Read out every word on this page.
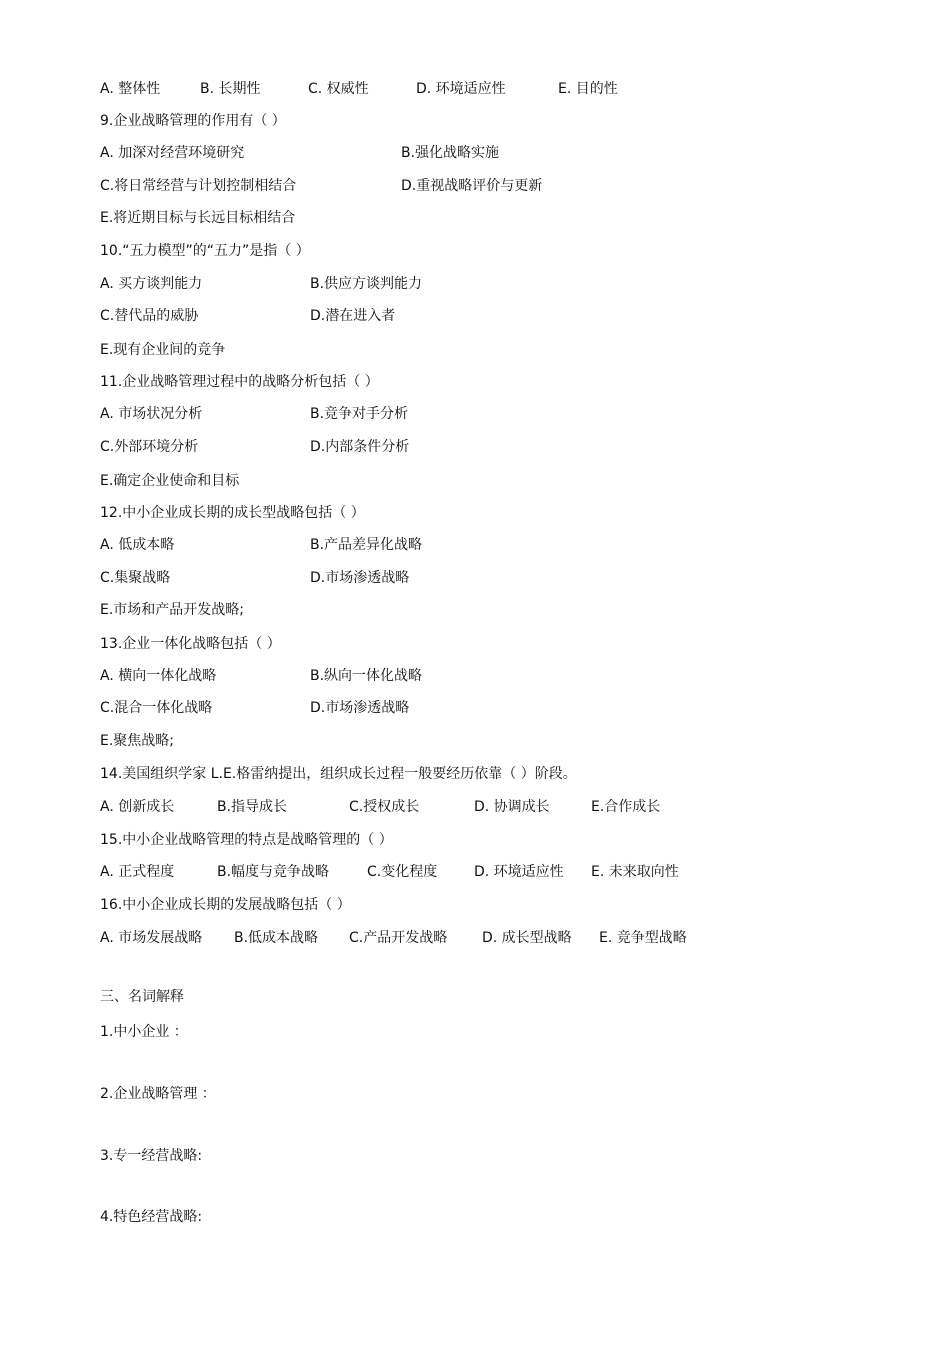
A. 整体性	B. 长期性	C. 权威性	D. 环境适应性	E. 目的性
9.企业战略管理的作用有（ ）
A. 加深对经营环境研究	B.强化战略实施
C.将日常经营与计划控制相结合	D.重视战略评价与更新
E.将近期目标与长远目标相结合
10.“五力模型”的“五力”是指（ ）
A. 买方谈判能力	B.供应方谈判能力
C.替代品的威胁	D.潜在进入者
E.现有企业间的竞争
11.企业战略管理过程中的战略分析包括（ ）
A. 市场状况分析	B.竞争对手分析
C.外部环境分析	D.内部条件分析
E.确定企业使命和目标
12.中小企业成长期的成长型战略包括（ ）
A. 低成本略	B.产品差异化战略
C.集聚战略	D.市场渗透战略
E.市场和产品开发战略;
13.企业一体化战略包括（ ）
A. 横向一体化战略	B.纵向一体化战略
C.混合一体化战略	D.市场渗透战略
E.聚焦战略;
14.美国组织学家 L.E.格雷纳提出，组织成长过程一般要经历依靠（ ）阶段。
A. 创新成长	B.指导成长	C.授权成长	D. 协调成长	E.合作成长
15.中小企业战略管理的特点是战略管理的（ ）
A. 正式程度	B.幅度与竞争战略	C.变化程度	D. 环境适应性 E. 未来取向性
16.中小企业成长期的发展战略包括（ ）
A. 市场发展战略 B.低成本战略 C.产品开发战略 D. 成长型战略 E. 竞争型战略
三、名词解释
1.中小企业 ：
2.企业战略管理 ：
3.专一经营战略:
4.特色经营战略:
